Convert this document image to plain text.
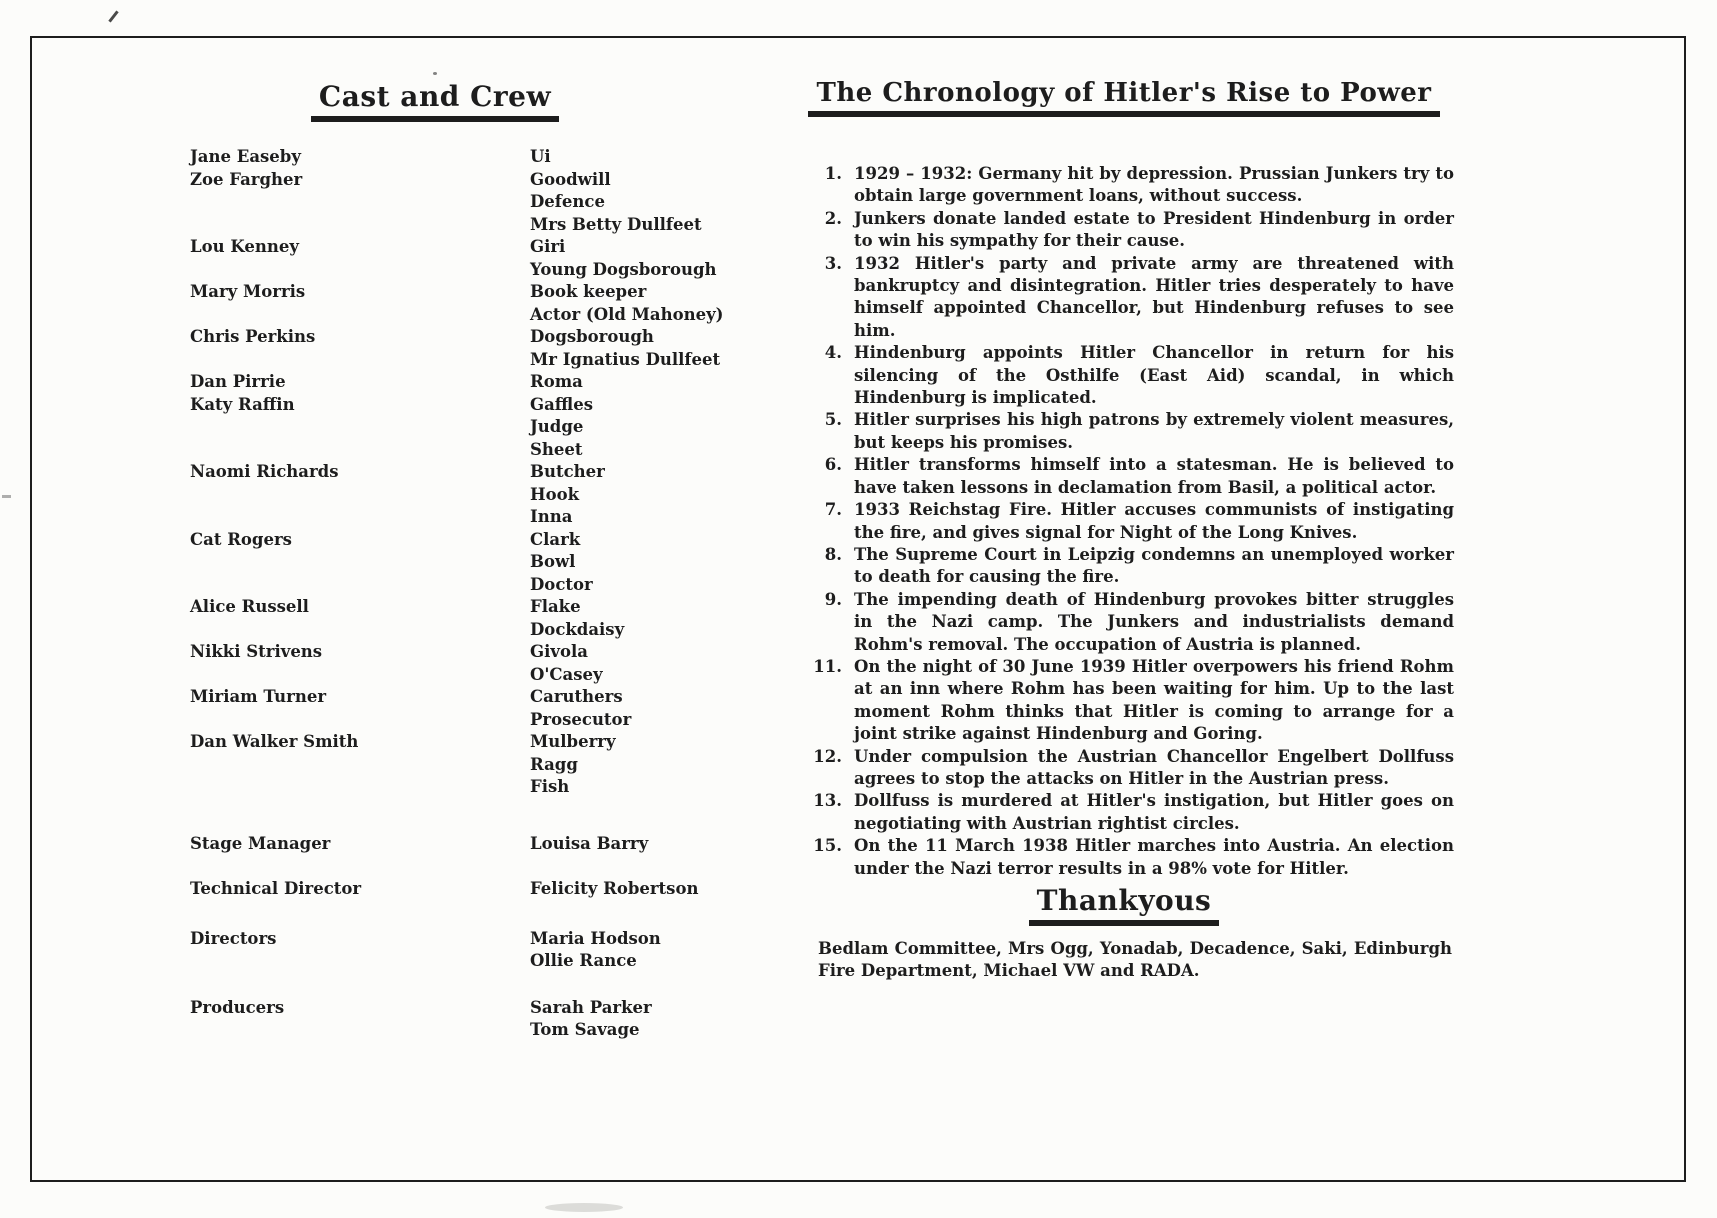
Cast and Crew	The Chronology of Hitler's Rise to Power
Jane Easeby	Ui
Zoe Fargher	Goodwill
Defence
Mrs Betty Dullfeet
Lou Kenney	Giri
Young Dogsborough
Mary Morris	Book keeper
Actor (Old Mahoney)
Chris Perkins	Dogsborough
Mr Ignatius Dullfeet
Dan Pirrie	Roma
Katy Raffin	Gaffles
Judge
Sheet
Naomi Richards	Butcher
Hook
Inna
Cat Rogers	Clark
Bowl
Doctor
Alice Russell	Flake
Dockdaisy
Nikki Strivens	Givola
O'Casey
Miriam Turner	Caruthers
Prosecutor
Dan Walker Smith	Mulberry
Ragg
Fish
Stage Manager	Louisa Barry
Technical Director	Felicity Robertson
Directors	Maria Hodson
Ollie Rance
Producers	Sarah Parker
Tom Savage
1. 1929 – 1932: Germany hit by depression. Prussian Junkers try to obtain large government loans, without success.
2. Junkers donate landed estate to President Hindenburg in order to win his sympathy for their cause.
3. 1932 Hitler's party and private army are threatened with bankruptcy and disintegration. Hitler tries desperately to have himself appointed Chancellor, but Hindenburg refuses to see him.
4. Hindenburg appoints Hitler Chancellor in return for his silencing of the Osthilfe (East Aid) scandal, in which Hindenburg is implicated.
5. Hitler surprises his high patrons by extremely violent measures, but keeps his promises.
6. Hitler transforms himself into a statesman. He is believed to have taken lessons in declamation from Basil, a political actor.
7. 1933 Reichstag Fire. Hitler accuses communists of instigating the fire, and gives signal for Night of the Long Knives.
8. The Supreme Court in Leipzig condemns an unemployed worker to death for causing the fire.
9. The impending death of Hindenburg provokes bitter struggles in the Nazi camp. The Junkers and industrialists demand Rohm's removal. The occupation of Austria is planned.
11. On the night of 30 June 1939 Hitler overpowers his friend Rohm at an inn where Rohm has been waiting for him. Up to the last moment Rohm thinks that Hitler is coming to arrange for a joint strike against Hindenburg and Goring.
12. Under compulsion the Austrian Chancellor Engelbert Dollfuss agrees to stop the attacks on Hitler in the Austrian press.
13. Dollfuss is murdered at Hitler's instigation, but Hitler goes on negotiating with Austrian rightist circles.
15. On the 11 March 1938 Hitler marches into Austria. An election under the Nazi terror results in a 98% vote for Hitler.
Thankyous
Bedlam Committee, Mrs Ogg, Yonadab, Decadence, Saki, Edinburgh Fire Department, Michael VW and RADA.
